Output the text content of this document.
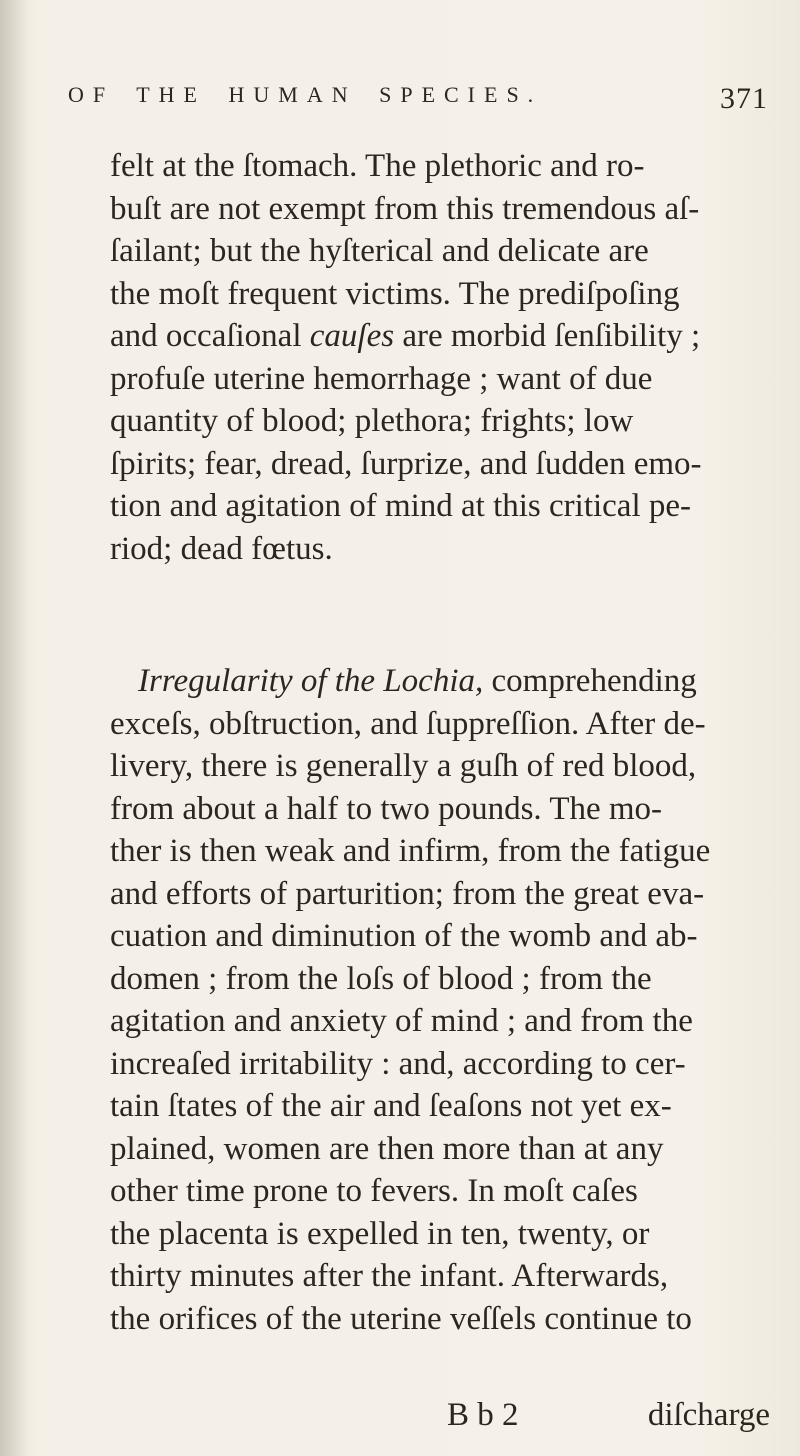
OF THE HUMAN SPECIES.	371
felt at the ſtomach. The plethoric and ro-
buſt are not exempt from this tremendous aſ-
ſailant; but the hyſterical and delicate are
the moſt frequent victims. The prediſpoſing
and occaſional cauſes are morbid ſenſibility ;
profuſe uterine hemorrhage ; want of due
quantity of blood; plethora; frights; low
ſpirits; fear, dread, ſurprize, and ſudden emo-
tion and agitation of mind at this critical pe-
riod; dead fœtus.
Irregularity of the Lochia, comprehending
exceſs, obſtruction, and ſuppreſſion. After de-
livery, there is generally a guſh of red blood,
from about a half to two pounds. The mo-
ther is then weak and infirm, from the fatigue
and efforts of parturition; from the great eva-
cuation and diminution of the womb and ab-
domen ; from the loſs of blood ; from the
agitation and anxiety of mind ; and from the
increaſed irritability : and, according to cer-
tain ſtates of the air and ſeaſons not yet ex-
plained, women are then more than at any
other time prone to fevers. In moſt caſes
the placenta is expelled in ten, twenty, or
thirty minutes after the infant. Afterwards,
the orifices of the uterine veſſels continue to
B b 2	diſcharge
